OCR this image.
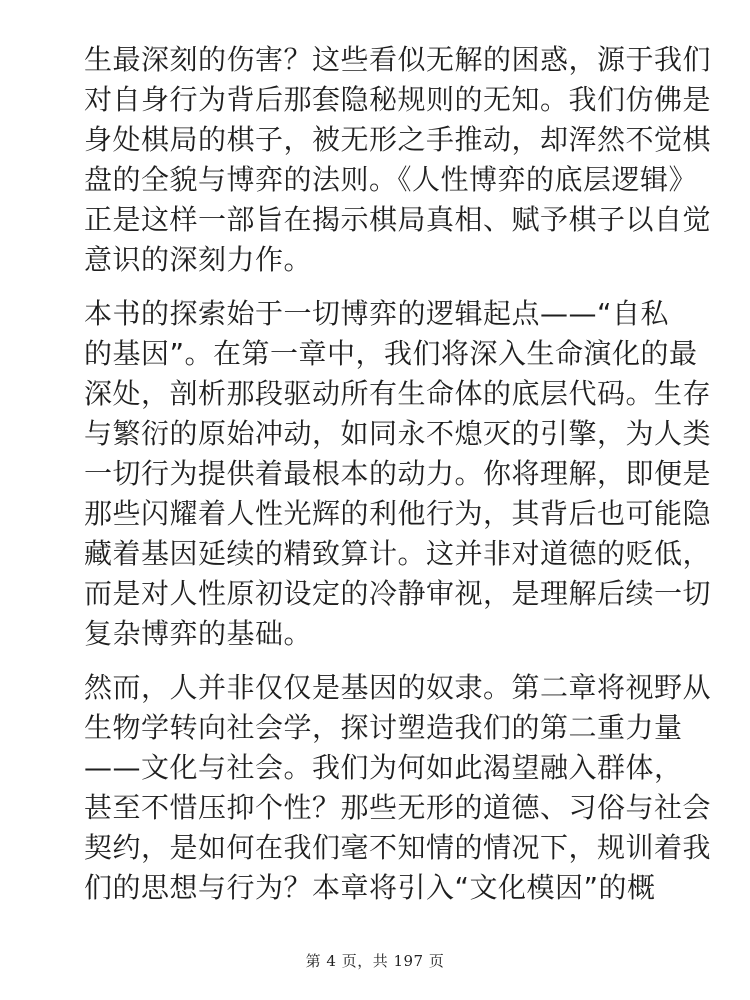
生最深刻的伤害？这些看似无解的困惑，源于我们
对自身行为背后那套隐秘规则的无知。我们仿佛是
身处棋局的棋子，被无形之手推动，却浑然不觉棋
盘的全貌与博弈的法则。《人性博弈的底层逻辑》
正是这样一部旨在揭示棋局真相、赋予棋子以自觉
意识的深刻力作。

本书的探索始于一切博弈的逻辑起点——“自私
的基因”。在第一章中，我们将深入生命演化的最
深处，剖析那段驱动所有生命体的底层代码。生存
与繁衍的原始冲动，如同永不熄灭的引擎，为人类
一切行为提供着最根本的动力。你将理解，即便是
那些闪耀着人性光辉的利他行为，其背后也可能隐
藏着基因延续的精致算计。这并非对道德的贬低，
而是对人性原初设定的冷静审视，是理解后续一切
复杂博弈的基础。

然而，人并非仅仅是基因的奴隶。第二章将视野从
生物学转向社会学，探讨塑造我们的第二重力量
——文化与社会。我们为何如此渴望融入群体，
甚至不惜压抑个性？那些无形的道德、习俗与社会
契约，是如何在我们毫不知情的情况下，规训着我
们的思想与行为？本章将引入“文化模因”的概

第 4 页，共 197 页
